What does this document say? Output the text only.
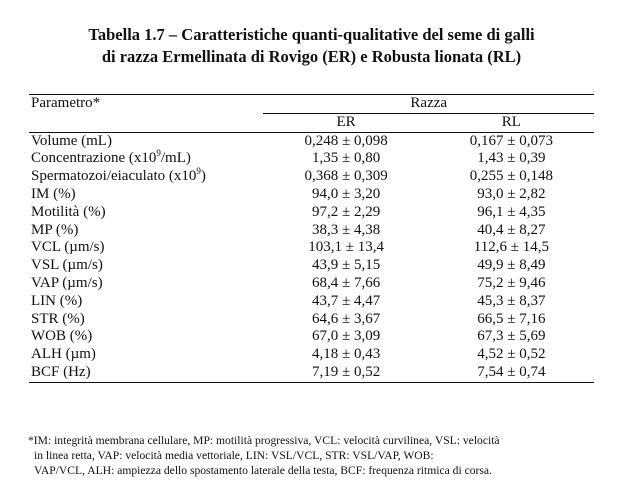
Tabella 1.7 – Caratteristiche quanti-qualitative del seme di galli
di razza Ermellinata di Rovigo (ER) e Robusta lionata (RL)
Parametro*	Razza	
	ER	RL
Volume (mL)	0,248 ± 0,098	0,167 ± 0,073
Concentrazione $(x10^9/mL)$	1,35 ± 0,80	1,43 ± 0,39
Spermatozoi/eiaculato $(x10^9)$	0,368 ± 0,309	0,255 ± 0,148
IM (%)	94,0 ± 3,20	93,0 ± 2,82
Motilità (%)	97,2 ± 2,29	96,1 ± 4,35
MP (%)	38,3 ± 4,38	40,4 ± 8,27
VCL (µm/s)	103,1 ± 13,4	112,6 ± 14,5
VSL (µm/s)	43,9 ± 5,15	49,9 ± 8,49
VAP (µm/s)	68,4 ± 7,66	75,2 ± 9,46
LIN (%)	43,7 ± 4,47	45,3 ± 8,37
STR (%)	64,6 ± 3,67	66,5 ± 7,16
WOB (%)	67,0 ± 3,09	67,3 ± 5,69
ALH (µm)	4,18 ± 0,43	4,52 ± 0,52
BCF (Hz)	7,19 ± 0,52	7,54 ± 0,74
*IM: integrità membrana cellulare, MP: motilità progressiva, VCL: velocità curvilinea, VSL: velocità
in linea retta, VAP: velocità media vettoriale, LIN: VSL/VCL, STR: VSL/VAP, WOB:
VAP/VCL, ALH: ampiezza dello spostamento laterale della testa, BCF: frequenza ritmica di corsa.
